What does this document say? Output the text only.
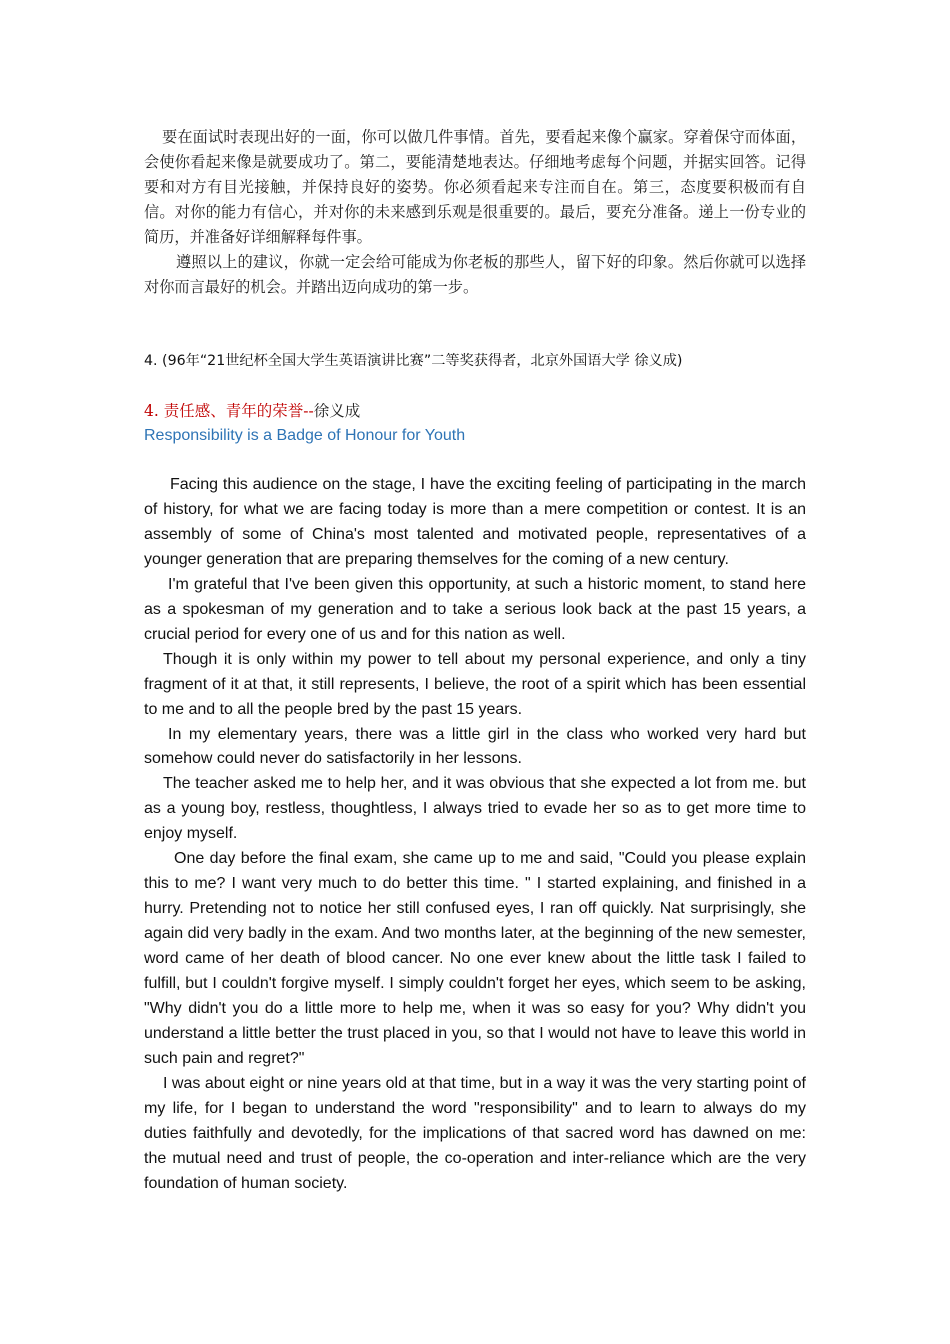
要在面试时表现出好的一面，你可以做几件事情。首先，要看起来像个赢家。穿着保守而体面，会使你看起来像是就要成功了。第二，要能清楚地表达。仔细地考虑每个问题，并据实回答。记得要和对方有目光接触，并保持良好的姿势。你必须看起来专注而自在。第三，态度要积极而有自信。对你的能力有信心，并对你的未来感到乐观是很重要的。最后，要充分准备。递上一份专业的简历，并准备好详细解释每件事。

遵照以上的建议，你就一定会给可能成为你老板的那些人，留下好的印象。然后你就可以选择对你而言最好的机会。并踏出迈向成功的第一步。

4. (96年“21世纪杯全国大学生英语演讲比赛”二等奖获得者，北京外国语大学 徐义成)
4. 责任感、青年的荣誉--徐义成
Responsibility is a Badge of Honour for Youth

Facing this audience on the stage, I have the exciting feeling of participating in the march of history, for what we are facing today is more than a mere competition or contest. It is an assembly of some of China's most talented and motivated people, representatives of a younger generation that are preparing themselves for the coming of a new century.

I'm grateful that I've been given this opportunity, at such a historic moment, to stand here as a spokesman of my generation and to take a serious look back at the past 15 years, a crucial period for every one of us and for this nation as well.

Though it is only within my power to tell about my personal experience, and only a tiny fragment of it at that, it still represents, I believe, the root of a spirit which has been essential to me and to all the people bred by the past 15 years.

In my elementary years, there was a little girl in the class who worked very hard but somehow could never do satisfactorily in her lessons.

The teacher asked me to help her, and it was obvious that she expected a lot from me. but as a young boy, restless, thoughtless, I always tried to evade her so as to get more time to enjoy myself.

One day before the final exam, she came up to me and said, "Could you please explain this to me? I want very much to do better this time. " I started explaining, and finished in a hurry. Pretending not to notice her still confused eyes, I ran off quickly. Nat surprisingly, she again did very badly in the exam. And two months later, at the beginning of the new semester, word came of her death of blood cancer. No one ever knew about the little task I failed to fulfill, but I couldn't forgive myself. I simply couldn't forget her eyes, which seem to be asking, "Why didn't you do a little more to help me, when it was so easy for you? Why didn't you understand a little better the trust placed in you, so that I would not have to leave this world in such pain and regret?"

I was about eight or nine years old at that time, but in a way it was the very starting point of my life, for I began to understand the word "responsibility" and to learn to always do my duties faithfully and devotedly, for the implications of that sacred word has dawned on me: the mutual need and trust of people, the co-operation and inter-reliance which are the very foundation of human society.
